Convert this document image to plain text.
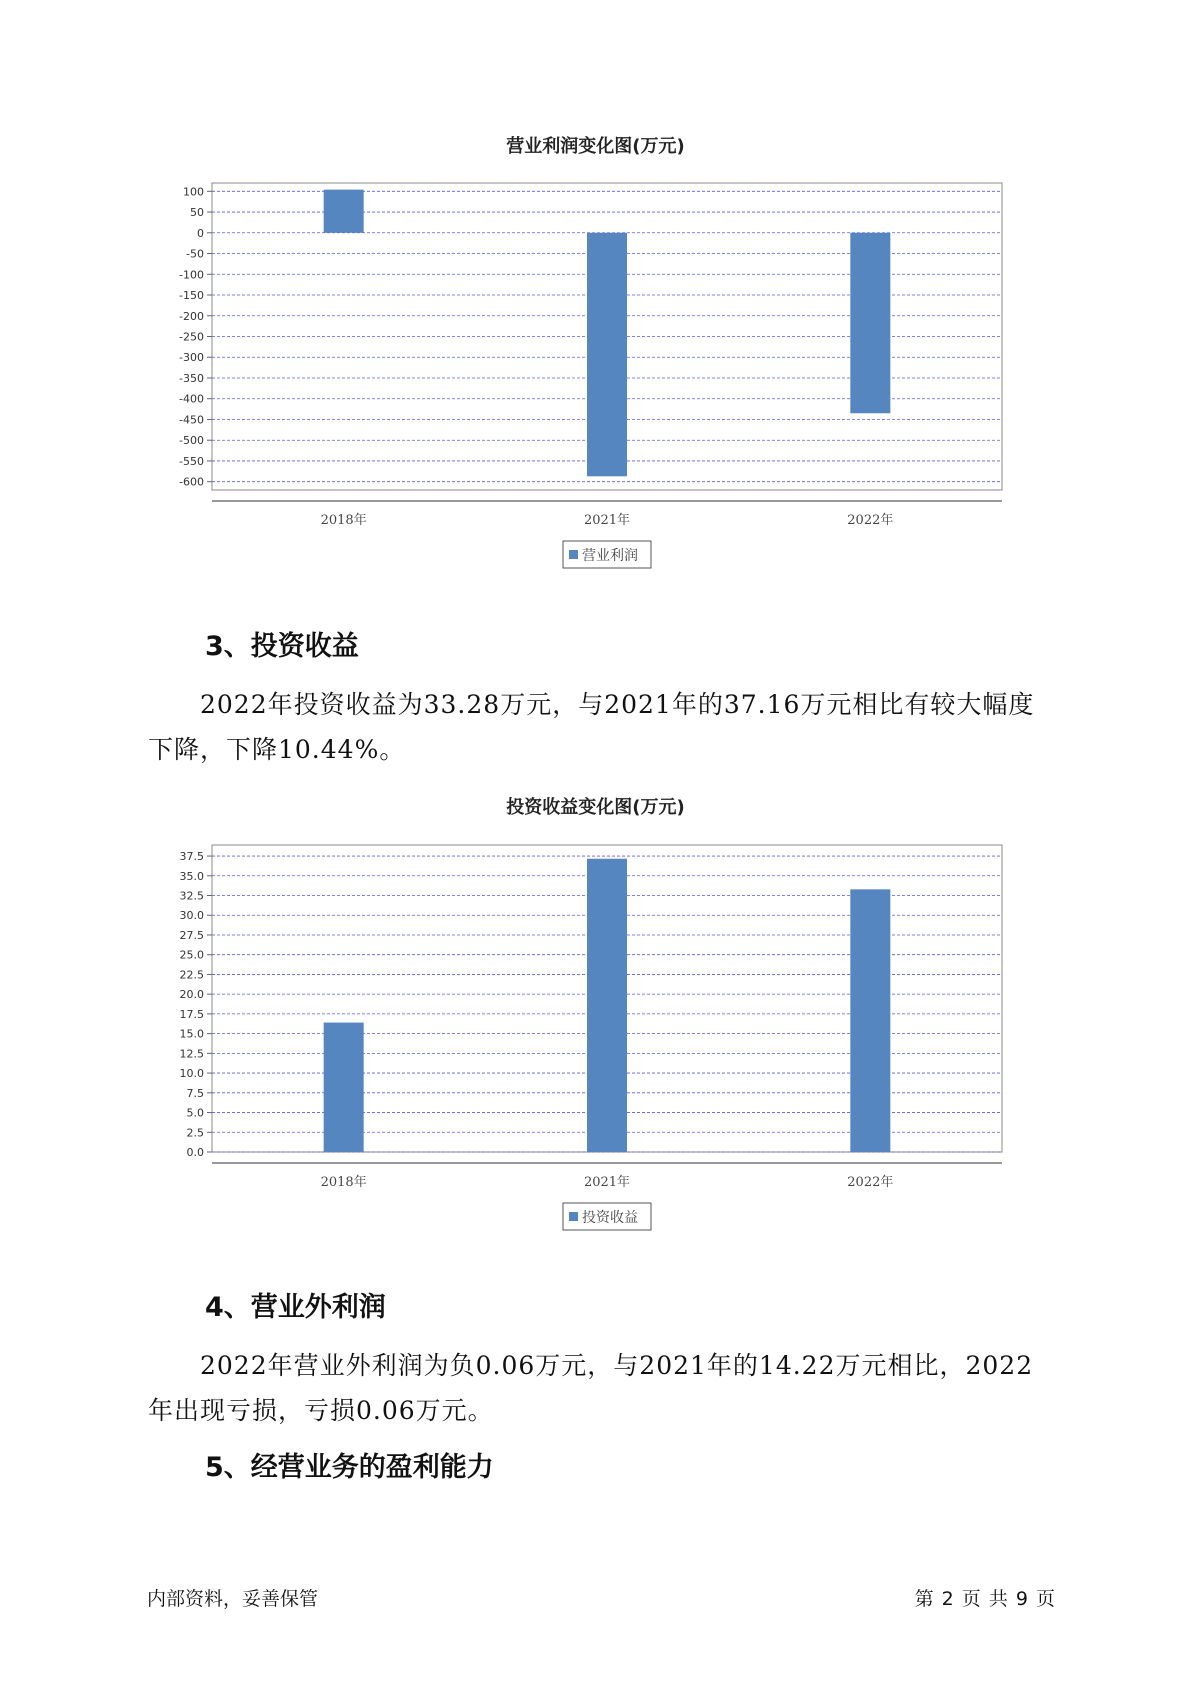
营业利润变化图(万元)
100
50
0
-50
-100
-150
-200
-250
-300
-350
-400
-450
-500
-550
-600
2018年	2021年	2022年
营业利润
3、投资收益

2022年投资收益为33.28万元，与2021年的37.16万元相比有较大幅度下降，下降10.44%。

投资收益变化图(万元)
37.5
35.0
32.5
30.0
27.5
25.0
22.5
20.0
17.5
15.0
12.5
10.0
7.5
5.0
2.5
0.0
2018年	2021年	2022年
投资收益
4、营业外利润

2022年营业外利润为负0.06万元，与2021年的14.22万元相比，2022年出现亏损，亏损0.06万元。

5、经营业务的盈利能力
内部资料，妥善保管	第 2 页 共 9 页
